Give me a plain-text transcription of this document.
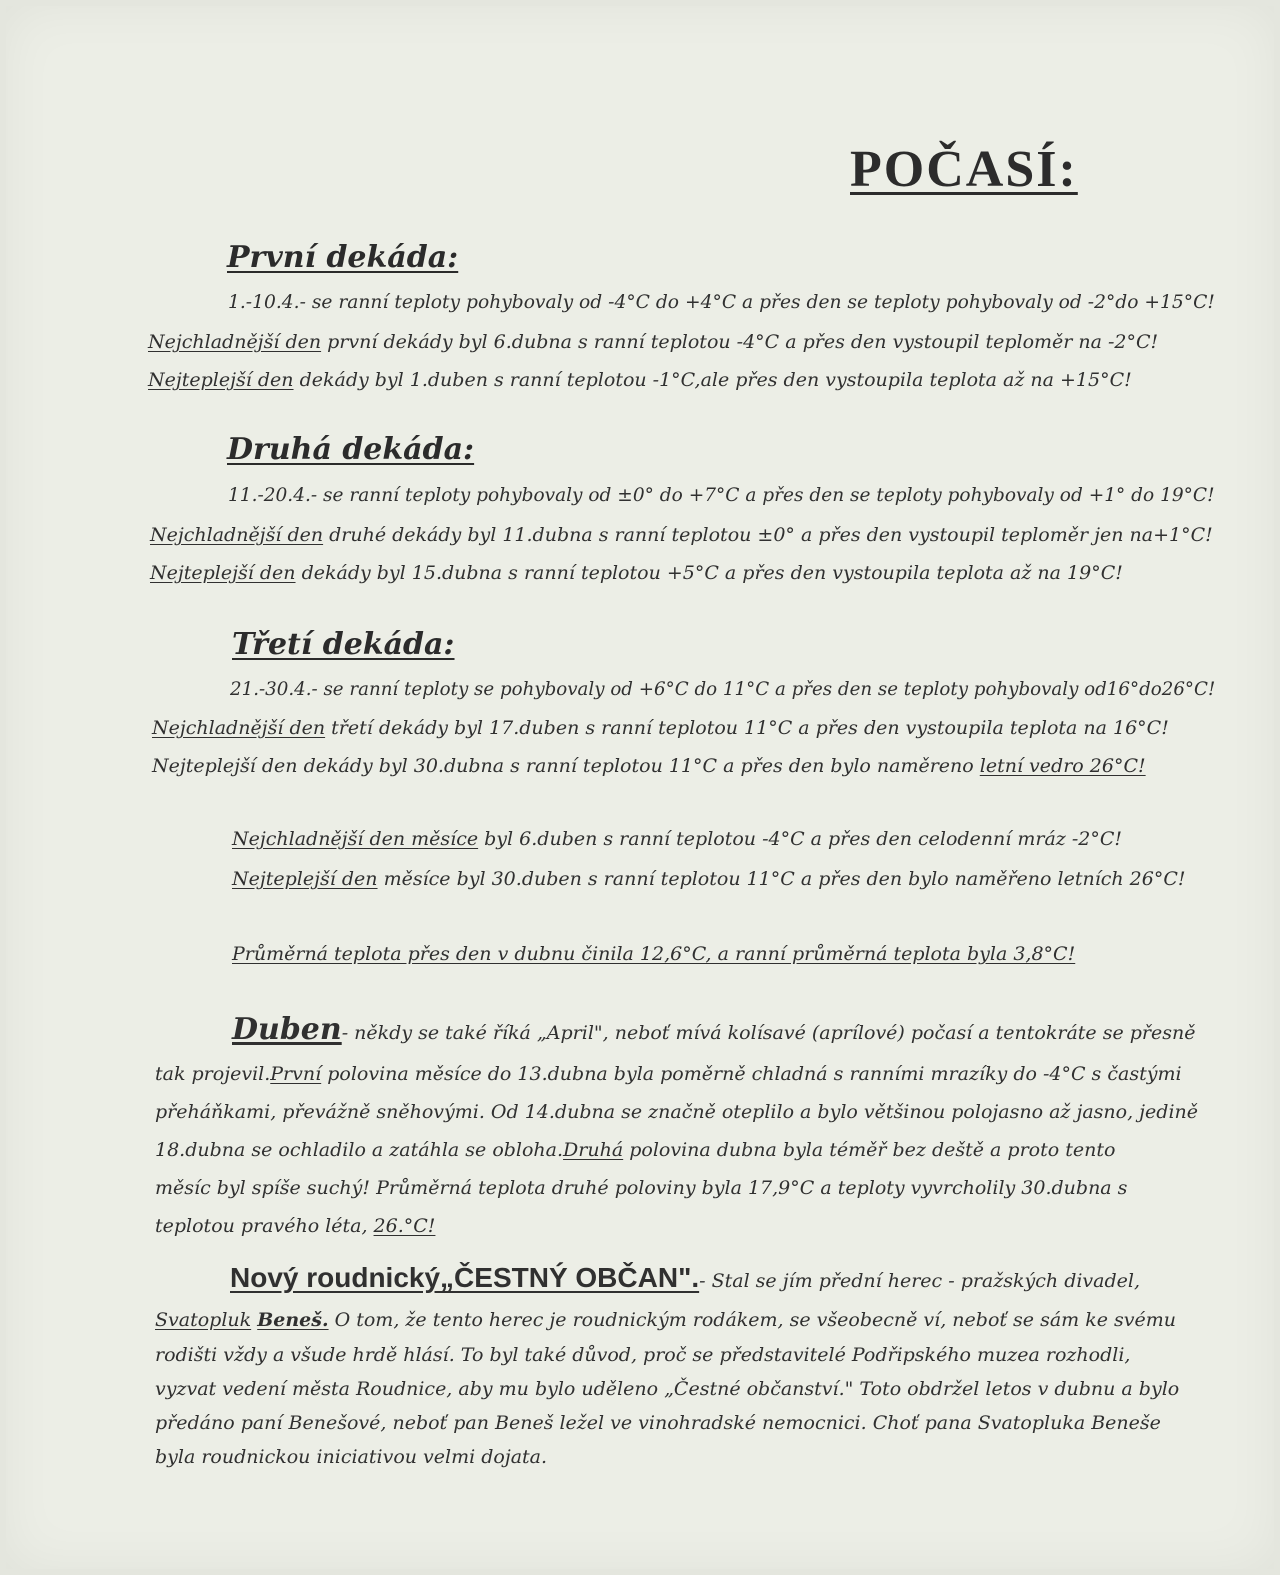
POČASÍ:
První dekáda:
1.-10.4.- se ranní teploty pohybovaly od -4°C do +4°C a přes den se teploty pohybovaly od -2°do +15°C!
Nejchladnější den první dekády byl 6.dubna s ranní teplotou -4°C a přes den vystoupil teploměr na -2°C!
Nejteplejší den dekády byl 1.duben s ranní teplotou -1°C,ale přes den vystoupila teplota až na +15°C!
Druhá dekáda:
11.-20.4.- se ranní teploty pohybovaly od ±0° do +7°C a přes den se teploty pohybovaly od +1° do 19°C!
Nejchladnější den druhé dekády byl 11.dubna s ranní teplotou ±0° a přes den vystoupil teploměr jen na+1°C!
Nejteplejší den dekády byl 15.dubna s ranní teplotou +5°C a přes den vystoupila teplota až na 19°C!
Třetí dekáda:
21.-30.4.- se ranní teploty se pohybovaly od +6°C do 11°C a přes den se teploty pohybovaly od16°do26°C!
Nejchladnější den třetí dekády byl 17.duben s ranní teplotou 11°C a přes den vystoupila teplota na 16°C!
Nejteplejší den dekády byl 30.dubna s ranní teplotou 11°C a přes den bylo naměreno letní vedro 26°C!
Nejchladnější den měsíce byl 6.duben s ranní teplotou -4°C a přes den celodenní mráz -2°C!
Nejteplejší den měsíce byl 30.duben s ranní teplotou 11°C a přes den bylo naměřeno letních 26°C!
Průměrná teplota přes den v dubnu činila 12,6°C, a ranní průměrná teplota byla 3,8°C!
Duben- někdy se také říká „April", neboť mívá kolísavé (aprílové) počasí a tentokráte se přesně
tak projevil.První polovina měsíce do 13.dubna byla poměrně chladná s ranními mrazíky do -4°C s častými
přeháňkami, převážně sněhovými. Od 14.dubna se značně oteplilo a bylo většinou polojasno až jasno, jedině
18.dubna se ochladilo a zatáhla se obloha.Druhá polovina dubna byla téměř bez deště a proto tento
měsíc byl spíše suchý! Průměrná teplota druhé poloviny byla 17,9°C a teploty vyvrcholily 30.dubna s
teplotou pravého léta, 26.°C!
Nový roudnický„ČESTNÝ OBČAN".- Stal se jím přední herec - pražských divadel,
Svatopluk Beneš. O tom, že tento herec je roudnickým rodákem, se všeobecně ví, neboť se sám ke svému
rodišti vždy a všude hrdě hlásí. To byl také důvod, proč se představitelé Podřipského muzea rozhodli,
vyzvat vedení města Roudnice, aby mu bylo uděleno „Čestné občanství." Toto obdržel letos v dubnu a bylo
předáno paní Benešové, neboť pan Beneš ležel ve vinohradské nemocnici. Choť pana Svatopluka Beneše
byla roudnickou iniciativou velmi dojata.
